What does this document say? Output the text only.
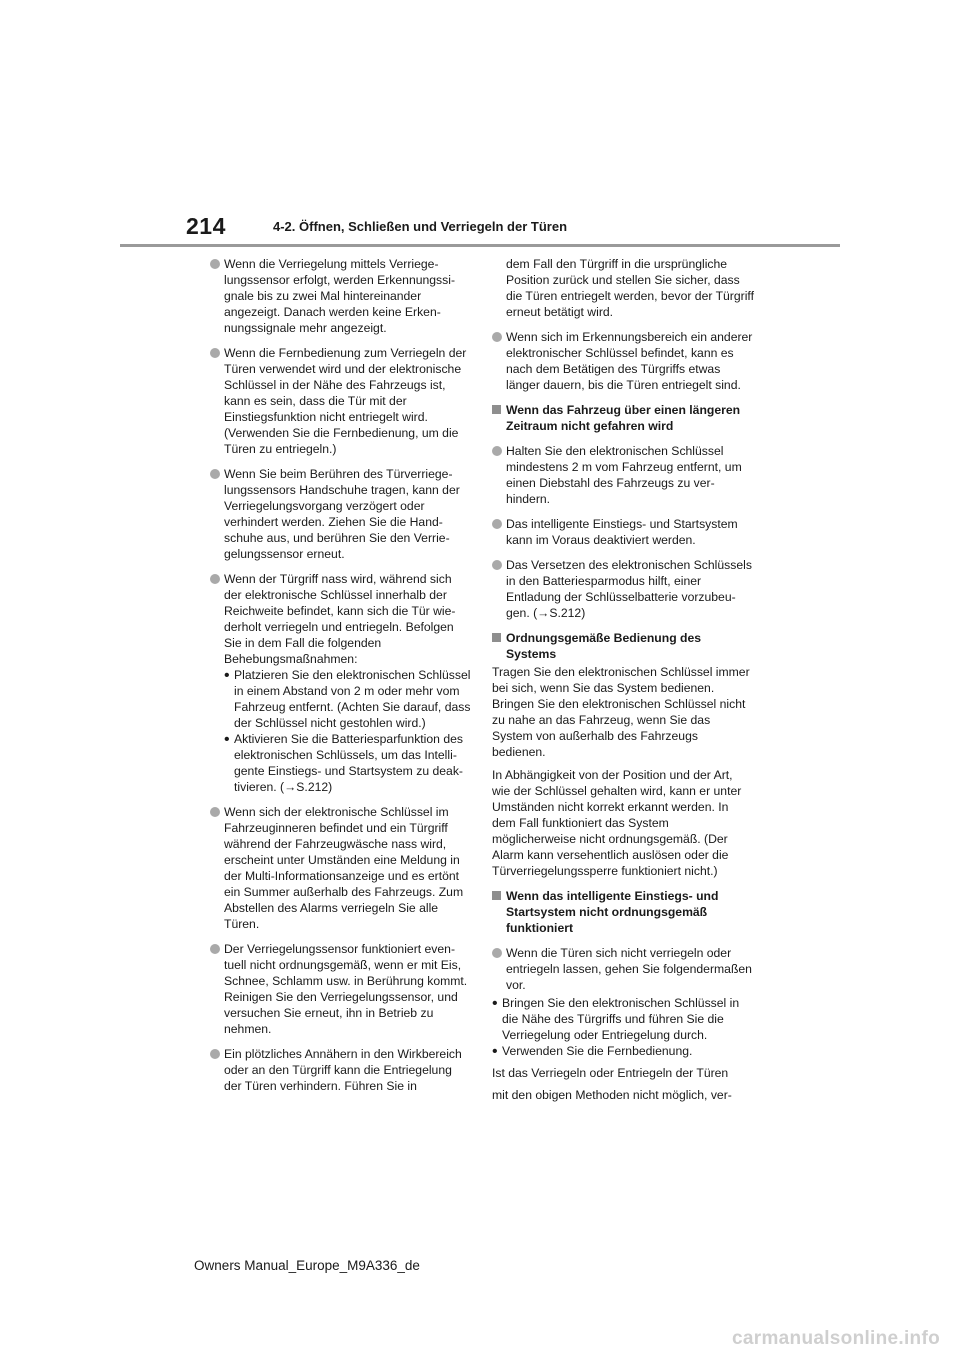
214	4-2. Öffnen, Schließen und Verriegeln der Türen

Wenn die Verriegelung mittels Verriegelungssensor erfolgt, werden Erkennungssignale bis zu zwei Mal hintereinander angezeigt. Danach werden keine Erkennungssignale mehr angezeigt.

Wenn die Fernbedienung zum Verriegeln der Türen verwendet wird und der elektronische Schlüssel in der Nähe des Fahrzeugs ist, kann es sein, dass die Tür mit der Einstiegsfunktion nicht entriegelt wird. (Verwenden Sie die Fernbedienung, um die Türen zu entriegeln.)

Wenn Sie beim Berühren des Türverriegelungssensors Handschuhe tragen, kann der Verriegelungsvorgang verzögert oder verhindert werden. Ziehen Sie die Handschuhe aus, und berühren Sie den Verriegelungssensor erneut.

Wenn der Türgriff nass wird, während sich der elektronische Schlüssel innerhalb der Reichweite befindet, kann sich die Tür wiederholt verriegeln und entriegeln. Befolgen Sie in dem Fall die folgenden Behebungsmaßnahmen:

• Platzieren Sie den elektronischen Schlüssel in einem Abstand von 2 m oder mehr vom Fahrzeug entfernt. (Achten Sie darauf, dass der Schlüssel nicht gestohlen wird.)

• Aktivieren Sie die Batteriesparfunktion des elektronischen Schlüssels, um das Intelligente Einstiegs- und Startsystem zu deaktivieren. (→S.212)

Wenn sich der elektronische Schlüssel im Fahrzeuginneren befindet und ein Türgriff während der Fahrzeugwäsche nass wird, erscheint unter Umständen eine Meldung in der Multi-Informationsanzeige und es ertönt ein Summer außerhalb des Fahrzeugs. Zum Abstellen des Alarms verriegeln Sie alle Türen.

Der Verriegelungssensor funktioniert eventuell nicht ordnungsgemäß, wenn er mit Eis, Schnee, Schlamm usw. in Berührung kommt. Reinigen Sie den Verriegelungssensor, und versuchen Sie erneut, ihn in Betrieb zu nehmen.

Ein plötzliches Annähern in den Wirkbereich oder an den Türgriff kann die Entriegelung der Türen verhindern. Führen Sie in

dem Fall den Türgriff in die ursprüngliche Position zurück und stellen Sie sicher, dass die Türen entriegelt werden, bevor der Türgriff erneut betätigt wird.

Wenn sich im Erkennungsbereich ein anderer elektronischer Schlüssel befindet, kann es nach dem Betätigen des Türgriffs etwas länger dauern, bis die Türen entriegelt sind.

Wenn das Fahrzeug über einen längeren Zeitraum nicht gefahren wird

Halten Sie den elektronischen Schlüssel mindestens 2 m vom Fahrzeug entfernt, um einen Diebstahl des Fahrzeugs zu verhindern.

Das intelligente Einstiegs- und Startsystem kann im Voraus deaktiviert werden.

Das Versetzen des elektronischen Schlüssels in den Batteriesparmodus hilft, einer Entladung der Schlüsselbatterie vorzubeugen. (→S.212)

Ordnungsgemäße Bedienung des Systems

Tragen Sie den elektronischen Schlüssel immer bei sich, wenn Sie das System bedienen. Bringen Sie den elektronischen Schlüssel nicht zu nahe an das Fahrzeug, wenn Sie das System von außerhalb des Fahrzeugs bedienen.

In Abhängigkeit von der Position und der Art, wie der Schlüssel gehalten wird, kann er unter Umständen nicht korrekt erkannt werden. In dem Fall funktioniert das System möglicherweise nicht ordnungsgemäß. (Der Alarm kann versehentlich auslösen oder die Türverriegelungssperre funktioniert nicht.)

Wenn das intelligente Einstiegs- und Startsystem nicht ordnungsgemäß funktioniert

Wenn die Türen sich nicht verriegeln oder entriegeln lassen, gehen Sie folgendermaßen vor.

• Bringen Sie den elektronischen Schlüssel in die Nähe des Türgriffs und führen Sie die Verriegelung oder Entriegelung durch.

• Verwenden Sie die Fernbedienung.

Ist das Verriegeln oder Entriegeln der Türen

mit den obigen Methoden nicht möglich, ver-

Owners Manual_Europe_M9A336_de
carmanualsonline.info
